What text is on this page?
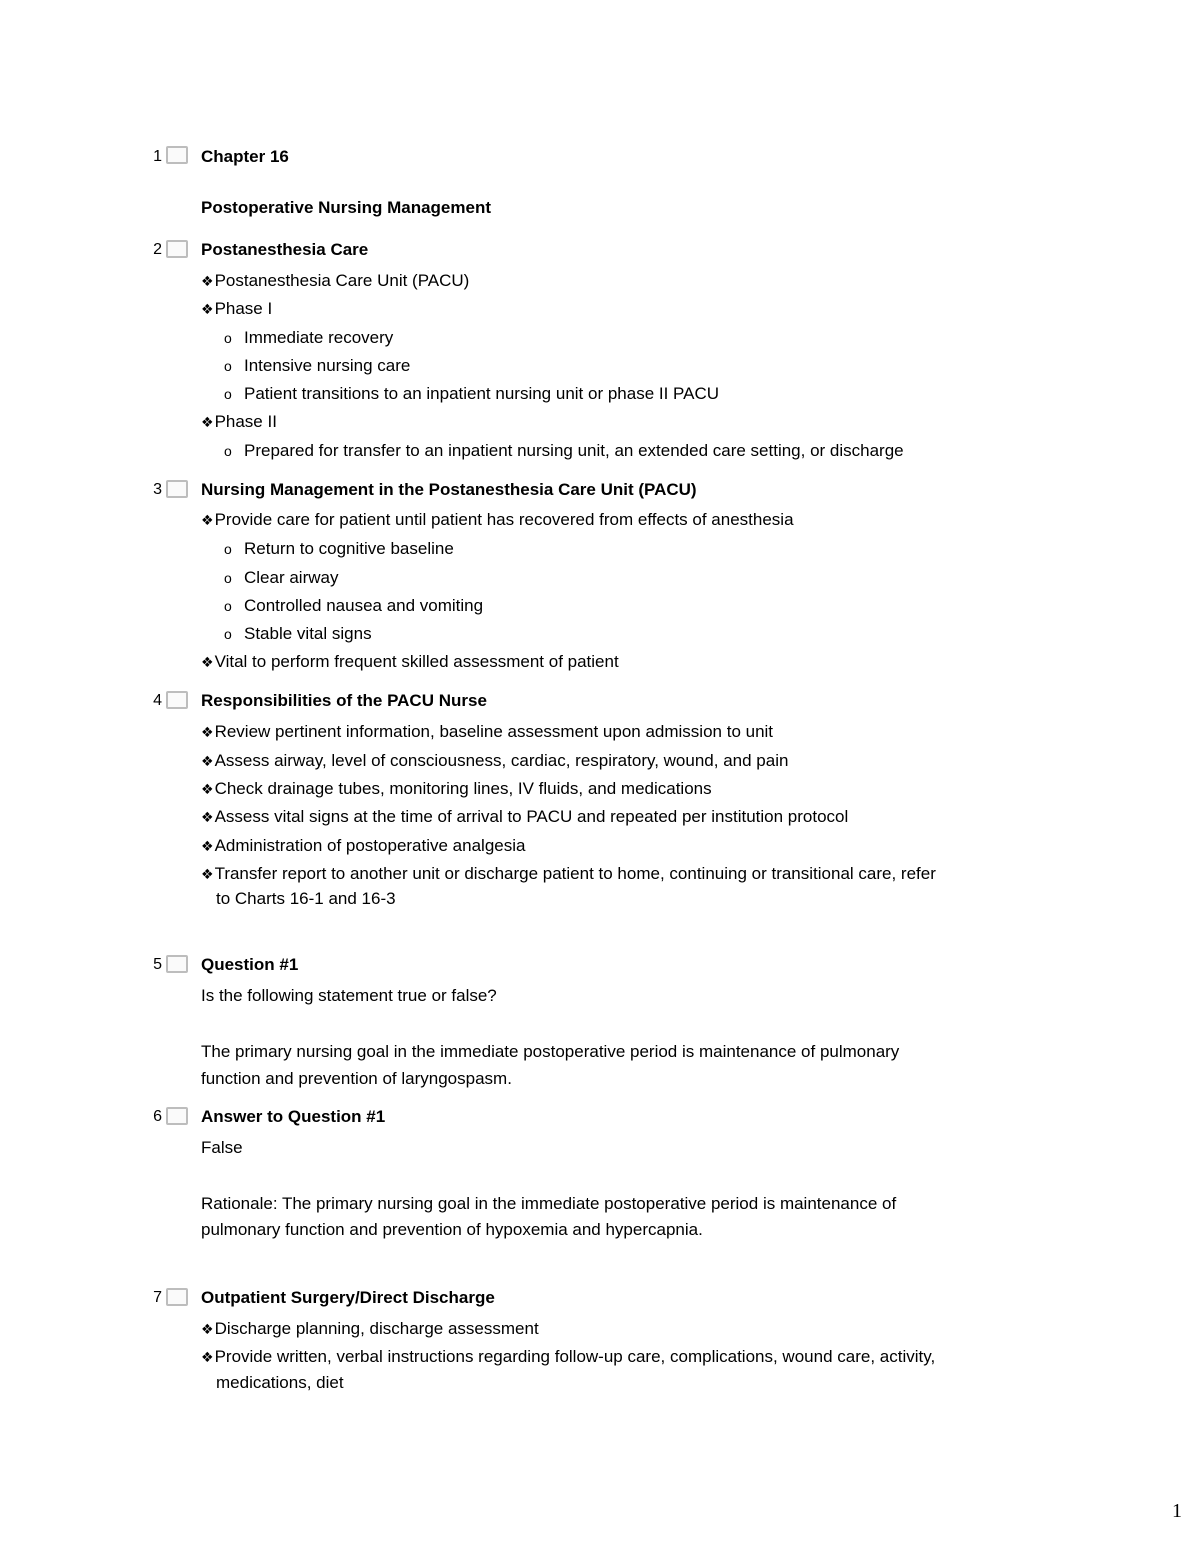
1 Chapter 16
Postoperative Nursing Management
2 Postanesthesia Care
❖Postanesthesia Care Unit (PACU)
❖Phase I
o Immediate recovery
o Intensive nursing care
o Patient transitions to an inpatient nursing unit or phase II PACU
❖Phase II
o Prepared for transfer to an inpatient nursing unit, an extended care setting, or discharge
3 Nursing Management in the Postanesthesia Care Unit (PACU)
❖Provide care for patient until patient has recovered from effects of anesthesia
o Return to cognitive baseline
o Clear airway
o Controlled nausea and vomiting
o Stable vital signs
❖Vital to perform frequent skilled assessment of patient
4 Responsibilities of the PACU Nurse
❖Review pertinent information, baseline assessment upon admission to unit
❖Assess airway, level of consciousness, cardiac, respiratory, wound, and pain
❖Check drainage tubes, monitoring lines, IV fluids, and medications
❖Assess vital signs at the time of arrival to PACU and repeated per institution protocol
❖Administration of postoperative analgesia
❖Transfer report to another unit or discharge patient to home, continuing or transitional care, refer
to Charts 16-1 and 16-3
5 Question #1
Is the following statement true or false?
The primary nursing goal in the immediate postoperative period is maintenance of pulmonary
function and prevention of laryngospasm.
6 Answer to Question #1
False
Rationale: The primary nursing goal in the immediate postoperative period is maintenance of
pulmonary function and prevention of hypoxemia and hypercapnia.
7 Outpatient Surgery/Direct Discharge
❖Discharge planning, discharge assessment
❖Provide written, verbal instructions regarding follow-up care, complications, wound care, activity,
medications, diet
1
